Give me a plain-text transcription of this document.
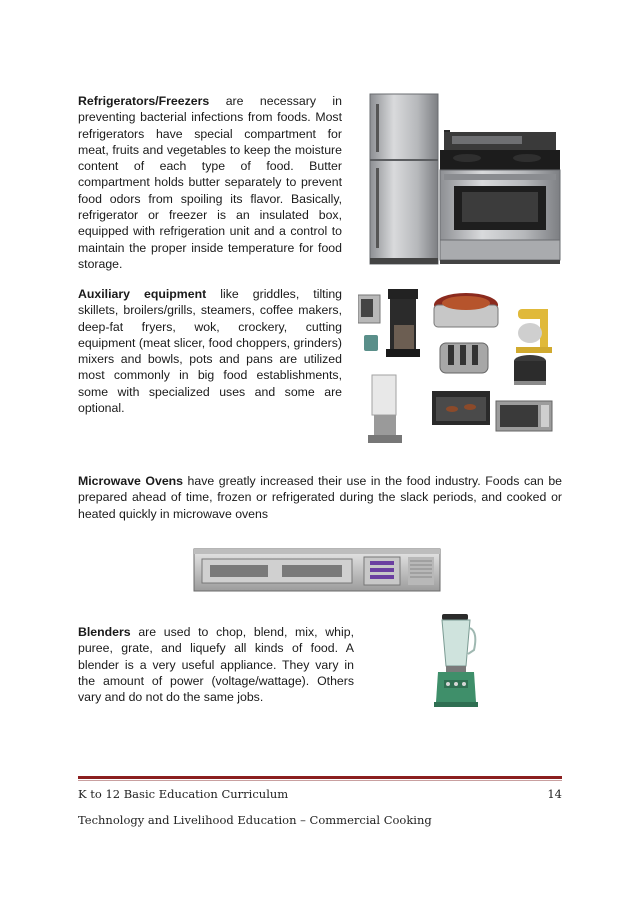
Refrigerators/Freezers are necessary in preventing bacterial infections from foods. Most refrigerators have special compartment for meat, fruits and vegetables to keep the moisture content of each type of food. Butter compartment holds butter separately to prevent food odors from spoiling its flavor. Basically, refrigerator or freezer is an insulated box, equipped with refrigeration unit and a control to maintain the proper inside temperature for food storage.

Auxiliary equipment like griddles, tilting skillets, broilers/grills, steamers, coffee makers, deep-fat fryers, wok, crockery, cutting equipment (meat slicer, food choppers, grinders) mixers and bowls, pots and pans are utilized most commonly in big food establishments, some with specialized uses and some are optional.

Microwave Ovens have greatly increased their use in the food industry. Foods can be prepared ahead of time, frozen or refrigerated during the slack periods, and cooked or heated quickly in microwave ovens

Blenders are used to chop, blend, mix, whip, puree, grate, and liquefy all kinds of food. A blender is a very useful appliance. They vary in the amount of power (voltage/wattage). Others vary and do not do the same jobs.

K to 12 Basic Education Curriculum	14
Technology and Livelihood Education – Commercial Cooking
